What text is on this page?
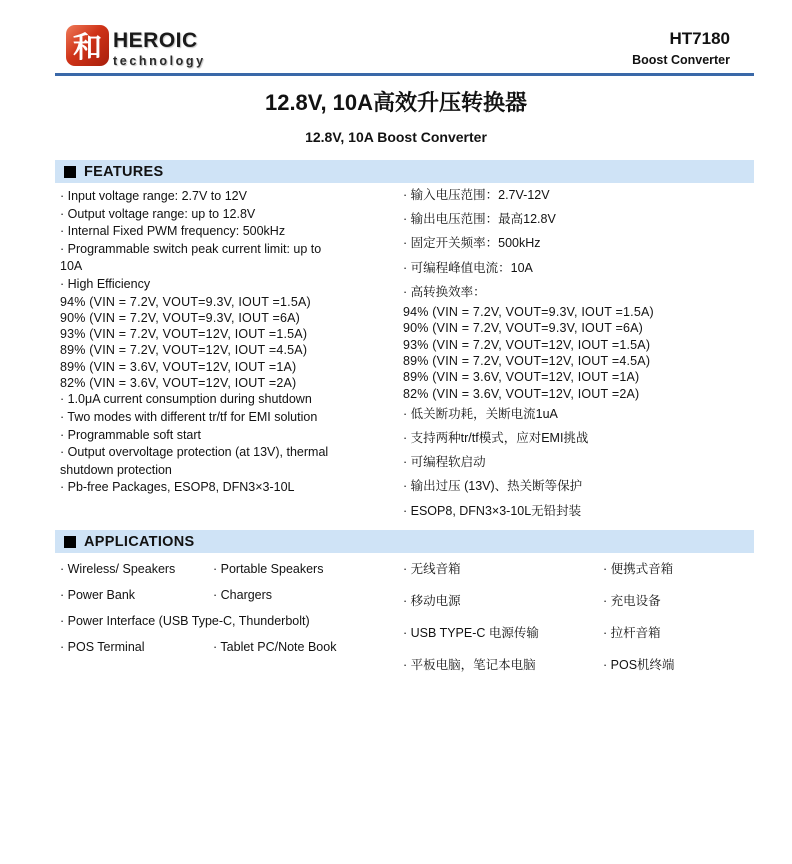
和 HEROIC
technology
HT7180
Boost Converter
12.8V, 10A高效升压转换器
12.8V, 10A Boost Converter
FEATURES
· Input voltage range: 2.7V to 12V
· Output voltage range: up to 12.8V
· Internal Fixed PWM frequency: 500kHz
· Programmable switch peak current limit: up to
10A
· High Efficiency
94% (VIN = 7.2V, VOUT=9.3V, IOUT =1.5A)
90% (VIN = 7.2V, VOUT=9.3V, IOUT =6A)
93% (VIN = 7.2V, VOUT=12V, IOUT =1.5A)
89% (VIN = 7.2V, VOUT=12V, IOUT =4.5A)
89% (VIN = 3.6V, VOUT=12V, IOUT =1A)
82% (VIN = 3.6V, VOUT=12V, IOUT =2A)
· 1.0μA current consumption during shutdown
· Two modes with different tr/tf for EMI solution
· Programmable soft start
· Output overvoltage protection (at 13V), thermal
shutdown protection
· Pb-free Packages, ESOP8, DFN3×3-10L
· 输入电压范围：2.7V-12V
· 输出电压范围：最高12.8V
· 固定开关频率：500kHz
· 可编程峰值电流：10A
· 高转换效率：
94% (VIN = 7.2V, VOUT=9.3V, IOUT =1.5A)
90% (VIN = 7.2V, VOUT=9.3V, IOUT =6A)
93% (VIN = 7.2V, VOUT=12V, IOUT =1.5A)
89% (VIN = 7.2V, VOUT=12V, IOUT =4.5A)
89% (VIN = 3.6V, VOUT=12V, IOUT =1A)
82% (VIN = 3.6V, VOUT=12V, IOUT =2A)
· 低关断功耗，关断电流1uA
· 支持两种tr/tf模式，应对EMI挑战
· 可编程软启动
· 输出过压 (13V)、热关断等保护
· ESOP8, DFN3×3-10L无铅封装
APPLICATIONS
· Wireless/ Speakers	· Portable Speakers
· Power Bank	· Chargers
· Power Interface (USB Type-C, Thunderbolt)
· POS Terminal	· Tablet PC/Note Book
· 无线音箱	· 便携式音箱
· 移动电源	· 充电设备
· USB TYPE-C 电源传输	· 拉杆音箱
· 平板电脑，笔记本电脑	· POS机终端
